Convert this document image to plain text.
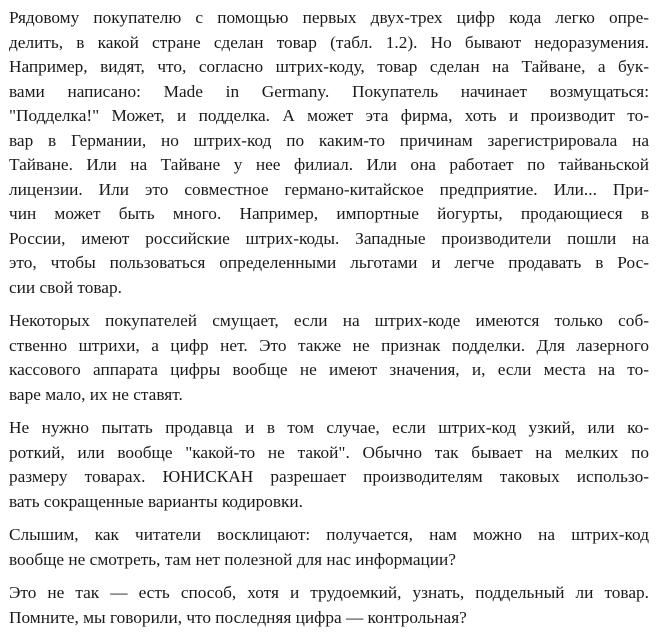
Рядовому покупателю с помощью первых двух-трех цифр кода легко опре-
делить, в какой стране сделан товар (табл. 1.2). Но бывают недоразумения.
Например, видят, что, согласно штрих-коду, товар сделан на Тайване, а бук-
вами написано: Made in Germany. Покупатель начинает возмущаться:
"Подделка!" Может, и подделка. А может эта фирма, хоть и производит то-
вар в Германии, но штрих-код по каким-то причинам зарегистрировала на
Тайване. Или на Тайване у нее филиал. Или она работает по тайваньской
лицензии. Или это совместное германо-китайское предприятие. Или... При-
чин может быть много. Например, импортные йогурты, продающиеся в
России, имеют российские штрих-коды. Западные производители пошли на
это, чтобы пользоваться определенными льготами и легче продавать в Рос-
сии свой товар.
Некоторых покупателей смущает, если на штрих-коде имеются только соб-
ственно штрихи, а цифр нет. Это также не признак подделки. Для лазерного
кассового аппарата цифры вообще не имеют значения, и, если места на то-
варе мало, их не ставят.
Не нужно пытать продавца и в том случае, если штрих-код узкий, или ко-
роткий, или вообще "какой-то не такой". Обычно так бывает на мелких по
размеру товарах. ЮНИСКАН разрешает производителям таковых использо-
вать сокращенные варианты кодировки.
Слышим, как читатели восклицают: получается, нам можно на штрих-код
вообще не смотреть, там нет полезной для нас информации?
Это не так — есть способ, хотя и трудоемкий, узнать, поддельный ли товар.
Помните, мы говорили, что последняя цифра — контрольная?
